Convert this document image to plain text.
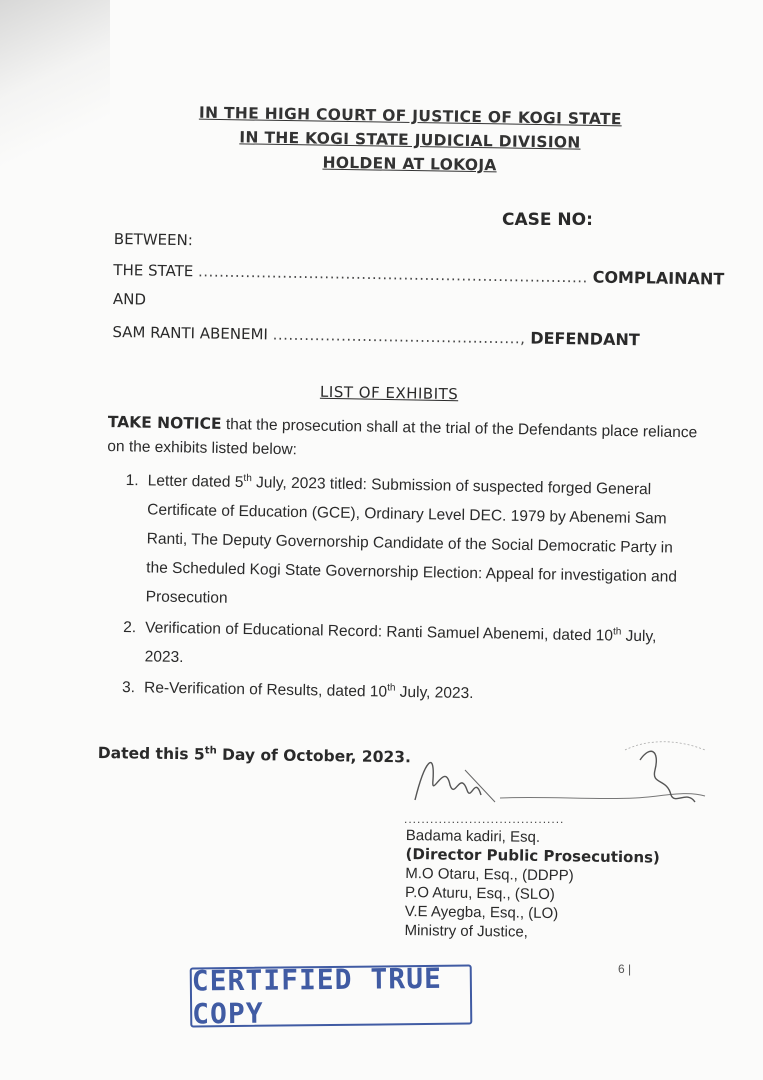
IN THE HIGH COURT OF JUSTICE OF KOGI STATE
IN THE KOGI STATE JUDICIAL DIVISION
HOLDEN AT LOKOJA
CASE NO:
BETWEEN:
THE STATE .......................................................................... COMPLAINANT
AND
SAM RANTI ABENEMI ..............................................., DEFENDANT
LIST OF EXHIBITS
TAKE NOTICE that the prosecution shall at the trial of the Defendants place reliance on the exhibits listed below:
1. Letter dated 5th July, 2023 titled: Submission of suspected forged General Certificate of Education (GCE), Ordinary Level DEC. 1979 by Abenemi Sam Ranti, The Deputy Governorship Candidate of the Social Democratic Party in the Scheduled Kogi State Governorship Election: Appeal for investigation and Prosecution
2. Verification of Educational Record: Ranti Samuel Abenemi, dated 10th July, 2023.
3. Re-Verification of Results, dated 10th July, 2023.
Dated this 5th Day of October, 2023.
.....................................
Badama kadiri, Esq.
(Director Public Prosecutions)
M.O Otaru, Esq., (DDPP)
P.O Aturu, Esq., (SLO)
V.E Ayegba, Esq., (LO)
Ministry of Justice,
6 |
CERTIFIED TRUE COPY
